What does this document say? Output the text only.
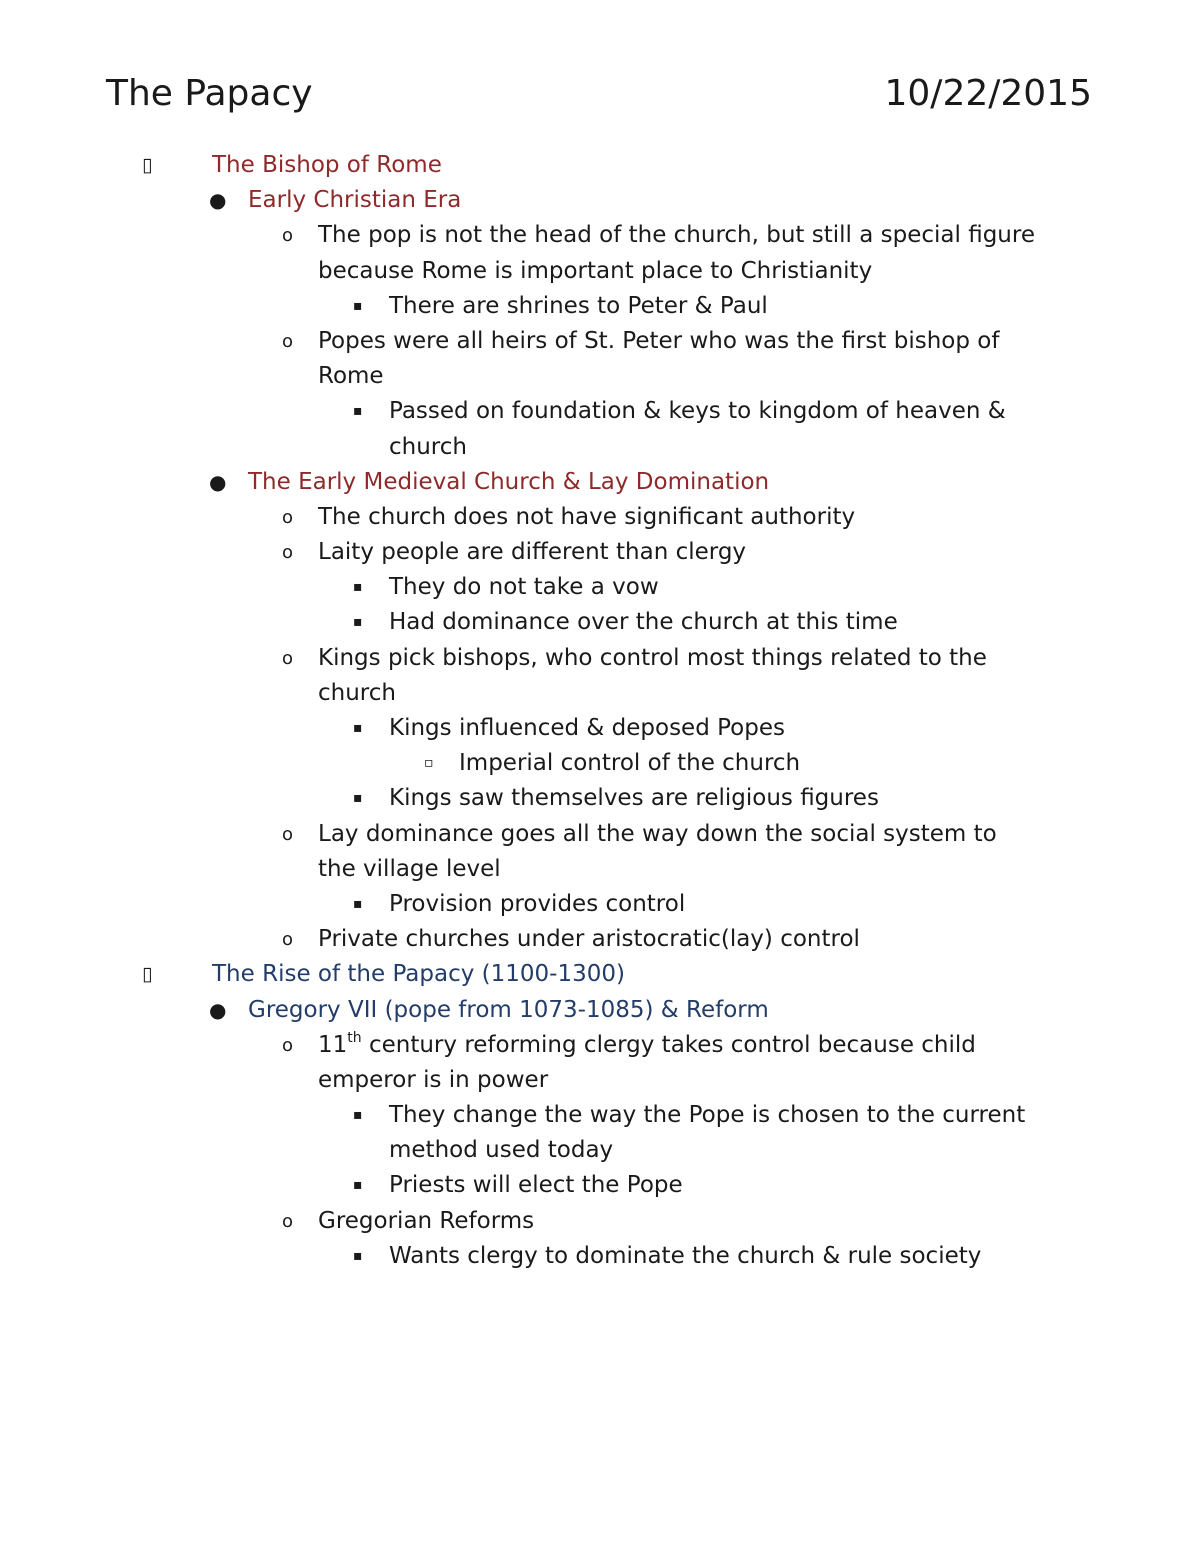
The Papacy	10/22/2015
▯	The Bishop of Rome
● Early Christian Era
o The pop is not the head of the church, but still a special figure
because Rome is important place to Christianity
▪ There are shrines to Peter & Paul
o Popes were all heirs of St. Peter who was the first bishop of
Rome
▪ Passed on foundation & keys to kingdom of heaven &
church
● The Early Medieval Church & Lay Domination
o The church does not have significant authority
o Laity people are different than clergy
▪ They do not take a vow
▪ Had dominance over the church at this time
o Kings pick bishops, who control most things related to the
church
▪ Kings influenced & deposed Popes
▫ Imperial control of the church
▪ Kings saw themselves are religious figures
o Lay dominance goes all the way down the social system to
the village level
▪ Provision provides control
o Private churches under aristocratic(lay) control
▯	The Rise of the Papacy (1100-1300)
● Gregory VII (pope from 1073-1085) & Reform
o 11th century reforming clergy takes control because child
emperor is in power
▪ They change the way the Pope is chosen to the current
method used today
▪ Priests will elect the Pope
o Gregorian Reforms
▪ Wants clergy to dominate the church & rule society
